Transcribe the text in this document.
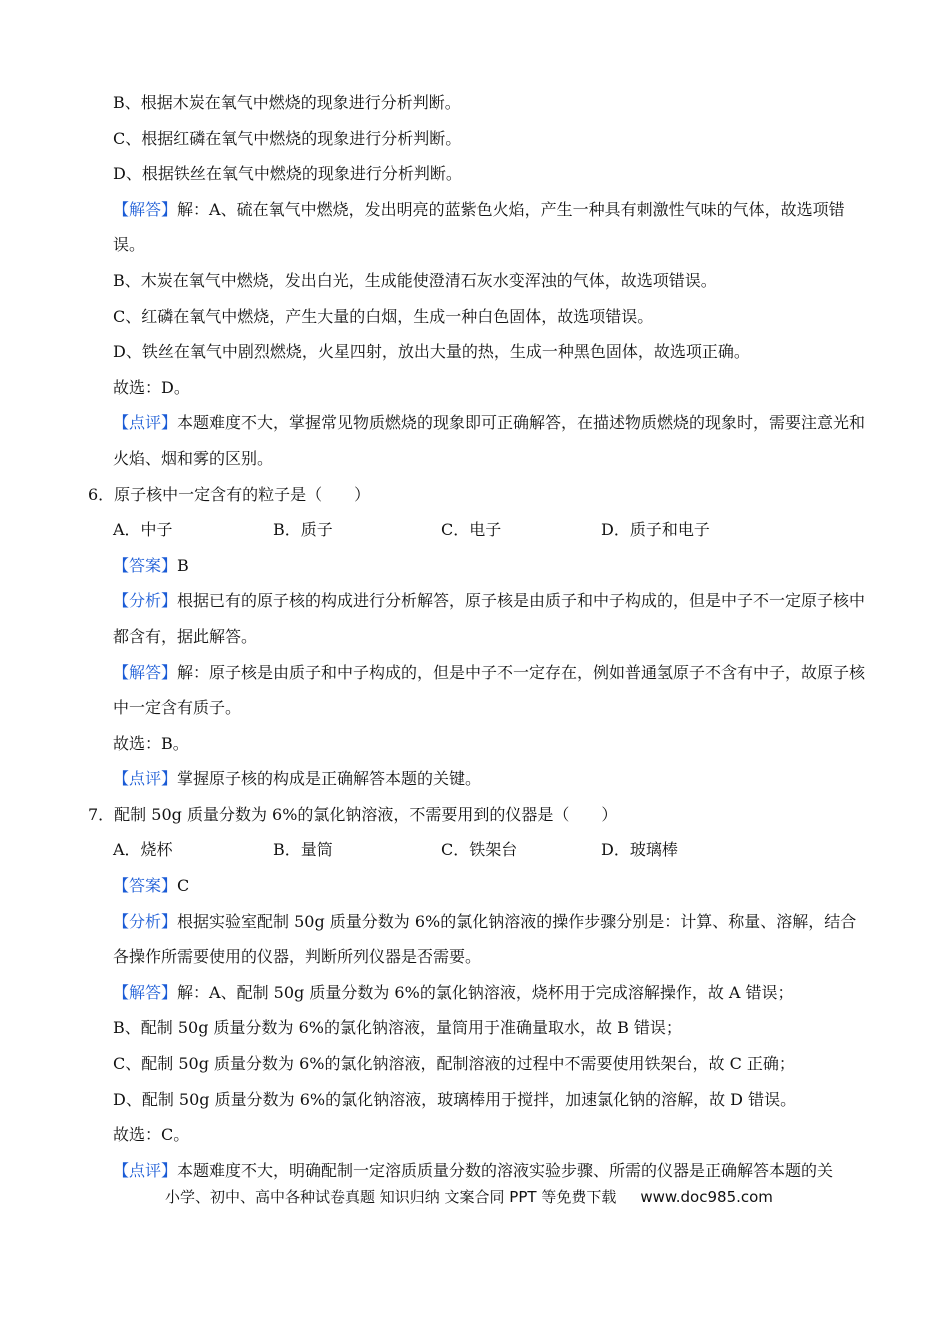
B、根据木炭在氧气中燃烧的现象进行分析判断。
C、根据红磷在氧气中燃烧的现象进行分析判断。
D、根据铁丝在氧气中燃烧的现象进行分析判断。

【解答】解：A、硫在氧气中燃烧，发出明亮的蓝紫色火焰，产生一种具有刺激性气味的气体，故选项错误。

B、木炭在氧气中燃烧，发出白光，生成能使澄清石灰水变浑浊的气体，故选项错误。
C、红磷在氧气中燃烧，产生大量的白烟，生成一种白色固体，故选项错误。
D、铁丝在氧气中剧烈燃烧，火星四射，放出大量的热，生成一种黑色固体，故选项正确。
故选：D。

【点评】本题难度不大，掌握常见物质燃烧的现象即可正确解答，在描述物质燃烧的现象时，需要注意光和火焰、烟和雾的区别。

6．原子核中一定含有的粒子是（　　）
A．中子	B．质子	C．电子	D．质子和电子
【答案】B

【分析】根据已有的原子核的构成进行分析解答，原子核是由质子和中子构成的，但是中子不一定原子核中都含有，据此解答。

【解答】解：原子核是由质子和中子构成的，但是中子不一定存在，例如普通氢原子不含有中子，故原子核中一定含有质子。

故选：B。

【点评】掌握原子核的构成是正确解答本题的关键。

7．配制 50g 质量分数为 6%的氯化钠溶液，不需要用到的仪器是（　　）
A．烧杯	B．量筒	C．铁架台	D．玻璃棒
【答案】C

【分析】根据实验室配制 50g 质量分数为 6%的氯化钠溶液的操作步骤分别是：计算、称量、溶解，结合各操作所需要使用的仪器，判断所列仪器是否需要。

【解答】解：A、配制 50g 质量分数为 6%的氯化钠溶液，烧杯用于完成溶解操作，故 A 错误；
B、配制 50g 质量分数为 6%的氯化钠溶液，量筒用于准确量取水，故 B 错误；
C、配制 50g 质量分数为 6%的氯化钠溶液，配制溶液的过程中不需要使用铁架台，故 C 正确；
D、配制 50g 质量分数为 6%的氯化钠溶液，玻璃棒用于搅拌，加速氯化钠的溶解，故 D 错误。
故选：C。
【点评】本题难度不大，明确配制一定溶质质量分数的溶液实验步骤、所需的仪器是正确解答本题的关
小学、初中、高中各种试卷真题 知识归纳 文案合同 PPT 等免费下载 www.doc985.com
